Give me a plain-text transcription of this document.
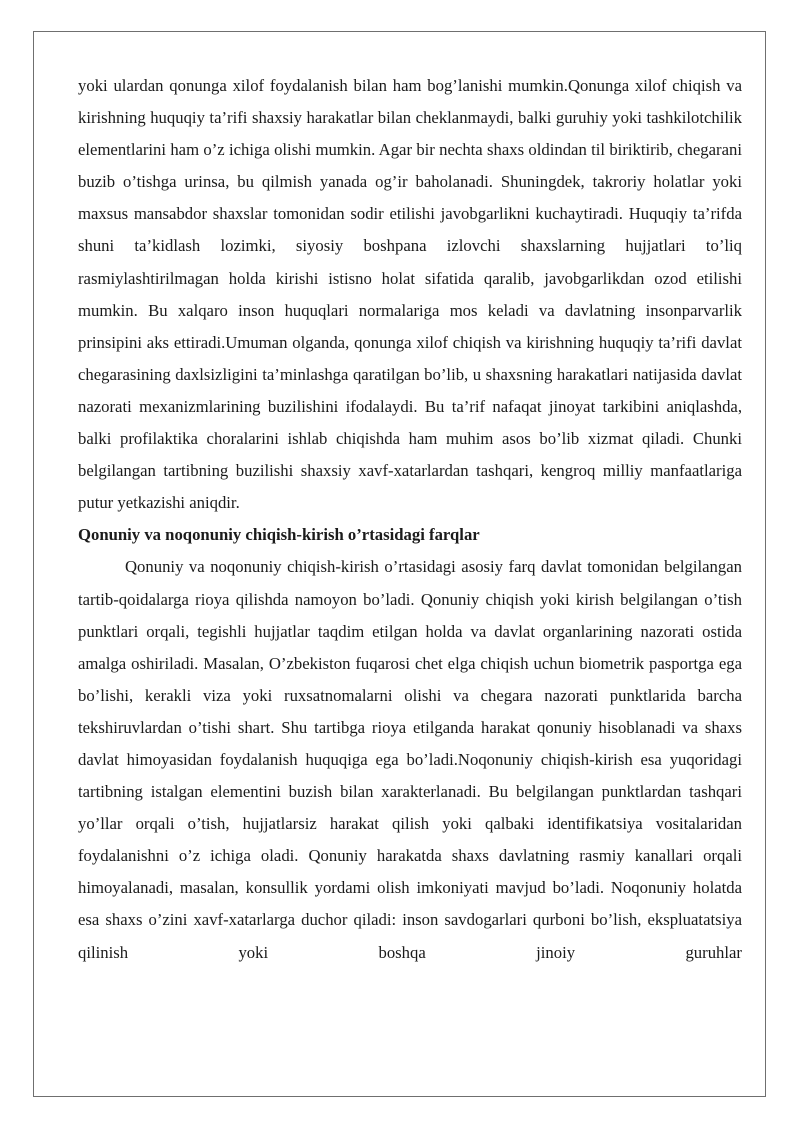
yoki ulardan qonunga xilof foydalanish bilan ham bog’lanishi mumkin.Qonunga xilof chiqish va kirishning huquqiy ta’rifi shaxsiy harakatlar bilan cheklanmaydi, balki guruhiy yoki tashkilotchilik elementlarini ham o’z ichiga olishi mumkin. Agar bir nechta shaxs oldindan til biriktirib, chegarani buzib o’tishga urinsa, bu qilmish yanada og’ir baholanadi. Shuningdek, takroriy holatlar yoki maxsus mansabdor shaxslar tomonidan sodir etilishi javobgarlikni kuchaytiradi. Huquqiy ta’rifda shuni ta’kidlash lozimki, siyosiy boshpana izlovchi shaxslarning hujjatlari to’liq rasmiylashtirilmagan holda kirishi istisno holat sifatida qaralib, javobgarlikdan ozod etilishi mumkin. Bu xalqaro inson huquqlari normalariga mos keladi va davlatning insonparvarlik prinsipini aks ettiradi.Umuman olganda, qonunga xilof chiqish va kirishning huquqiy ta’rifi davlat chegarasining daxlsizligini ta’minlashga qaratilgan bo’lib, u shaxsning harakatlari natijasida davlat nazorati mexanizmlarining buzilishini ifodalaydi. Bu ta’rif nafaqat jinoyat tarkibini aniqlashda, balki profilaktika choralarini ishlab chiqishda ham muhim asos bo’lib xizmat qiladi. Chunki belgilangan tartibning buzilishi shaxsiy xavf-xatarlardan tashqari, kengroq milliy manfaatlariga putur yetkazishi aniqdir.

Qonuniy va noqonuniy chiqish-kirish o’rtasidagi farqlar

Qonuniy va noqonuniy chiqish-kirish o’rtasidagi asosiy farq davlat tomonidan belgilangan tartib-qoidalarga rioya qilishda namoyon bo’ladi. Qonuniy chiqish yoki kirish belgilangan o’tish punktlari orqali, tegishli hujjatlar taqdim etilgan holda va davlat organlarining nazorati ostida amalga oshiriladi. Masalan, O’zbekiston fuqarosi chet elga chiqish uchun biometrik pasportga ega bo’lishi, kerakli viza yoki ruxsatnomalarni olishi va chegara nazorati punktlarida barcha tekshiruvlardan o’tishi shart. Shu tartibga rioya etilganda harakat qonuniy hisoblanadi va shaxs davlat himoyasidan foydalanish huquqiga ega bo’ladi.Noqonuniy chiqish-kirish esa yuqoridagi tartibning istalgan elementini buzish bilan xarakterlanadi. Bu belgilangan punktlardan tashqari yo’llar orqali o’tish, hujjatlarsiz harakat qilish yoki qalbaki identifikatsiya vositalaridan foydalanishni o’z ichiga oladi. Qonuniy harakatda shaxs davlatning rasmiy kanallari orqali himoyalanadi, masalan, konsullik yordami olish imkoniyati mavjud bo’ladi. Noqonuniy holatda esa shaxs o’zini xavf-xatarlarga duchor qiladi: inson savdogarlari qurboni bo’lish, ekspluatatsiya qilinish yoki boshqa jinoiy guruhlar
